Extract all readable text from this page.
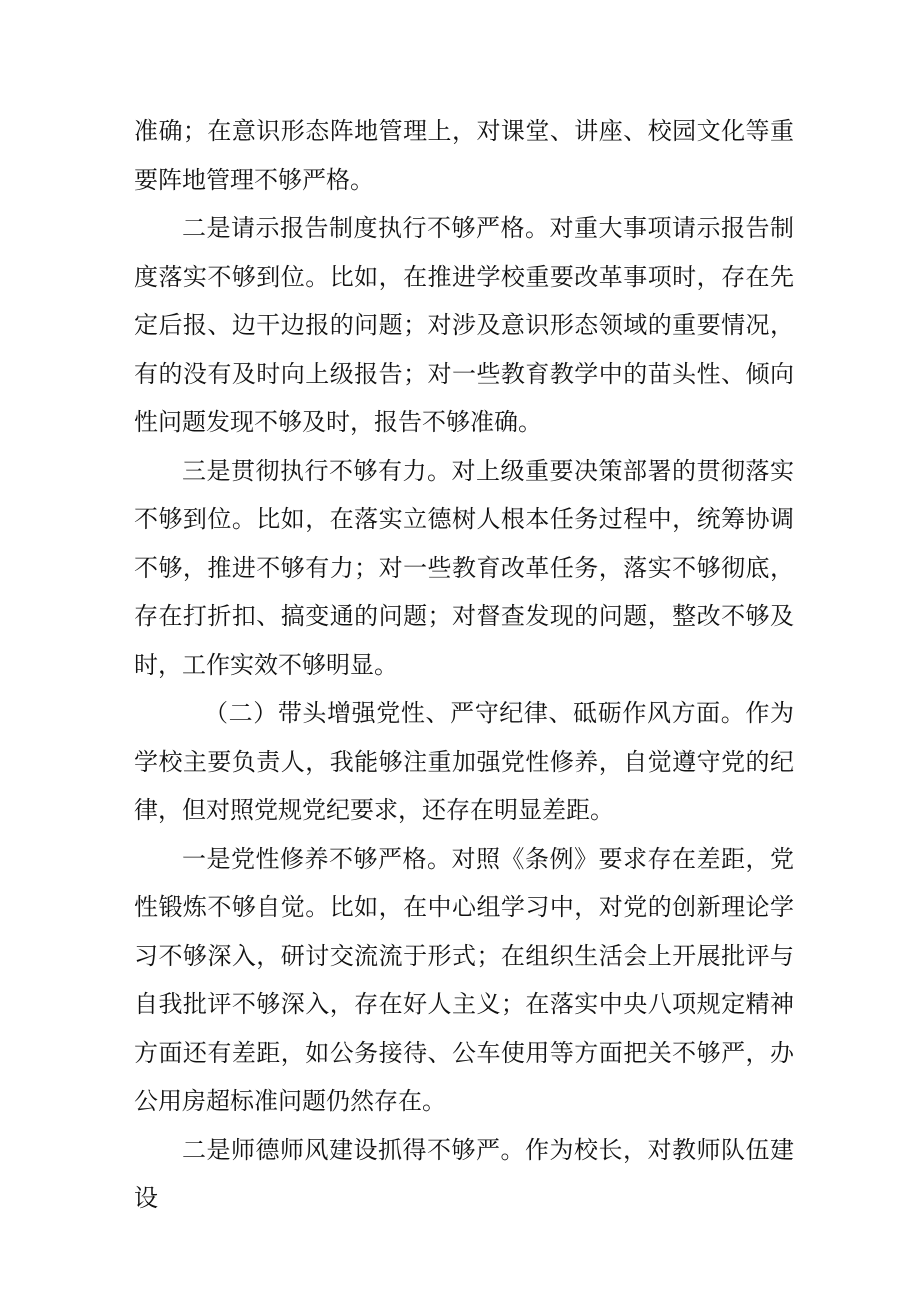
准确；在意识形态阵地管理上，对课堂、讲座、校园文化等重要阵地管理不够严格。

二是请示报告制度执行不够严格。对重大事项请示报告制度落实不够到位。比如，在推进学校重要改革事项时，存在先定后报、边干边报的问题；对涉及意识形态领域的重要情况，有的没有及时向上级报告；对一些教育教学中的苗头性、倾向性问题发现不够及时，报告不够准确。

三是贯彻执行不够有力。对上级重要决策部署的贯彻落实不够到位。比如，在落实立德树人根本任务过程中，统筹协调不够，推进不够有力；对一些教育改革任务，落实不够彻底，存在打折扣、搞变通的问题；对督查发现的问题，整改不够及时，工作实效不够明显。

（二）带头增强党性、严守纪律、砥砺作风方面。作为学校主要负责人，我能够注重加强党性修养，自觉遵守党的纪律，但对照党规党纪要求，还存在明显差距。

一是党性修养不够严格。对照《条例》要求存在差距，党性锻炼不够自觉。比如，在中心组学习中，对党的创新理论学习不够深入，研讨交流流于形式；在组织生活会上开展批评与自我批评不够深入，存在好人主义；在落实中央八项规定精神方面还有差距，如公务接待、公车使用等方面把关不够严，办公用房超标准问题仍然存在。

二是师德师风建设抓得不够严。作为校长，对教师队伍建设
